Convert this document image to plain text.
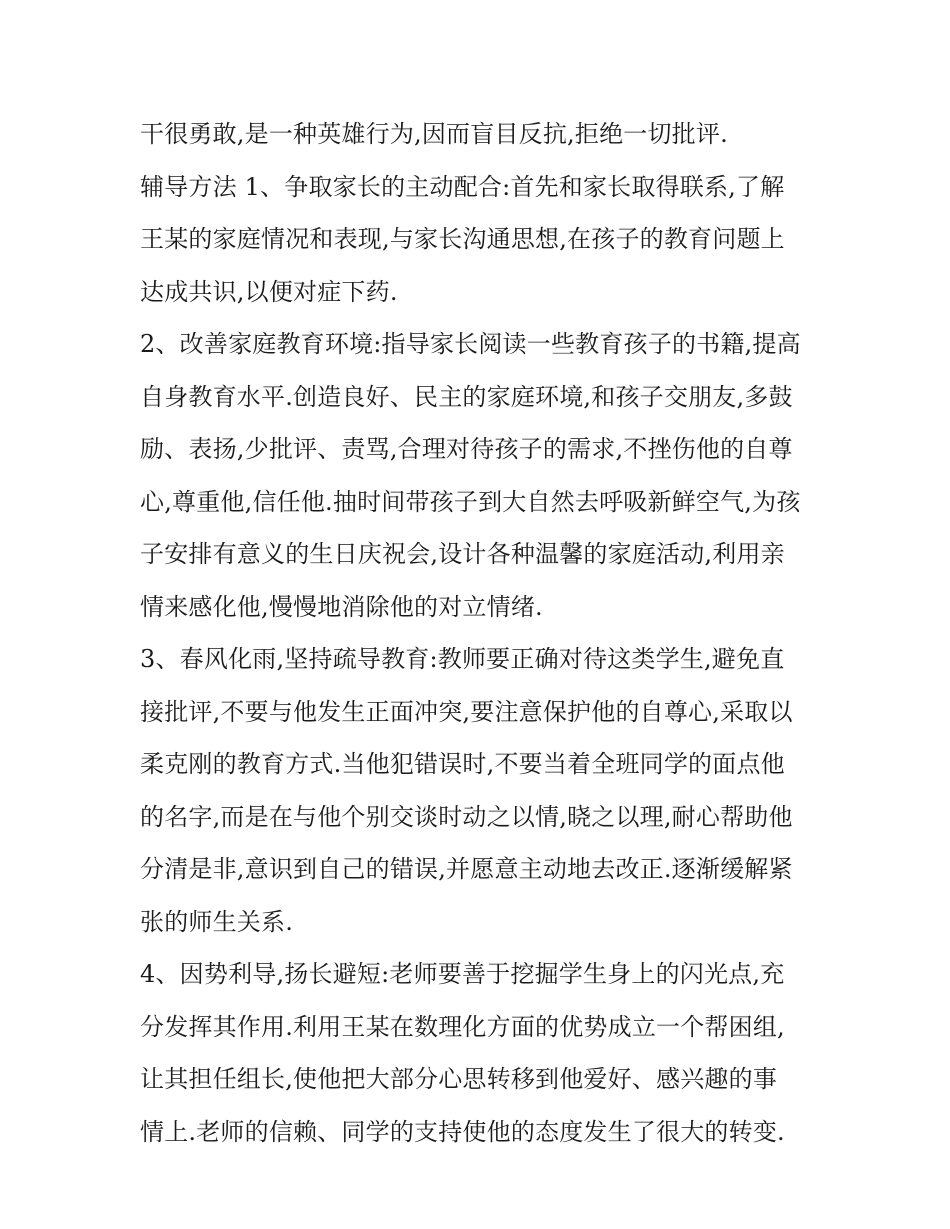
干很勇敢,是一种英雄行为,因而盲目反抗,拒绝一切批评.
辅导方法 1、争取家长的主动配合:首先和家长取得联系,了解
王某的家庭情况和表现,与家长沟通思想,在孩子的教育问题上
达成共识,以便对症下药.
2、改善家庭教育环境:指导家长阅读一些教育孩子的书籍,提高
自身教育水平.创造良好、民主的家庭环境,和孩子交朋友,多鼓
励、表扬,少批评、责骂,合理对待孩子的需求,不挫伤他的自尊
心,尊重他,信任他.抽时间带孩子到大自然去呼吸新鲜空气,为孩
子安排有意义的生日庆祝会,设计各种温馨的家庭活动,利用亲
情来感化他,慢慢地消除他的对立情绪.
3、春风化雨,坚持疏导教育:教师要正确对待这类学生,避免直
接批评,不要与他发生正面冲突,要注意保护他的自尊心,采取以
柔克刚的教育方式.当他犯错误时,不要当着全班同学的面点他
的名字,而是在与他个别交谈时动之以情,晓之以理,耐心帮助他
分清是非,意识到自己的错误,并愿意主动地去改正.逐渐缓解紧
张的师生关系.
4、因势利导,扬长避短:老师要善于挖掘学生身上的闪光点,充
分发挥其作用.利用王某在数理化方面的优势成立一个帮困组,
让其担任组长,使他把大部分心思转移到他爱好、感兴趣的事
情上.老师的信赖、同学的支持使他的态度发生了很大的转变.
